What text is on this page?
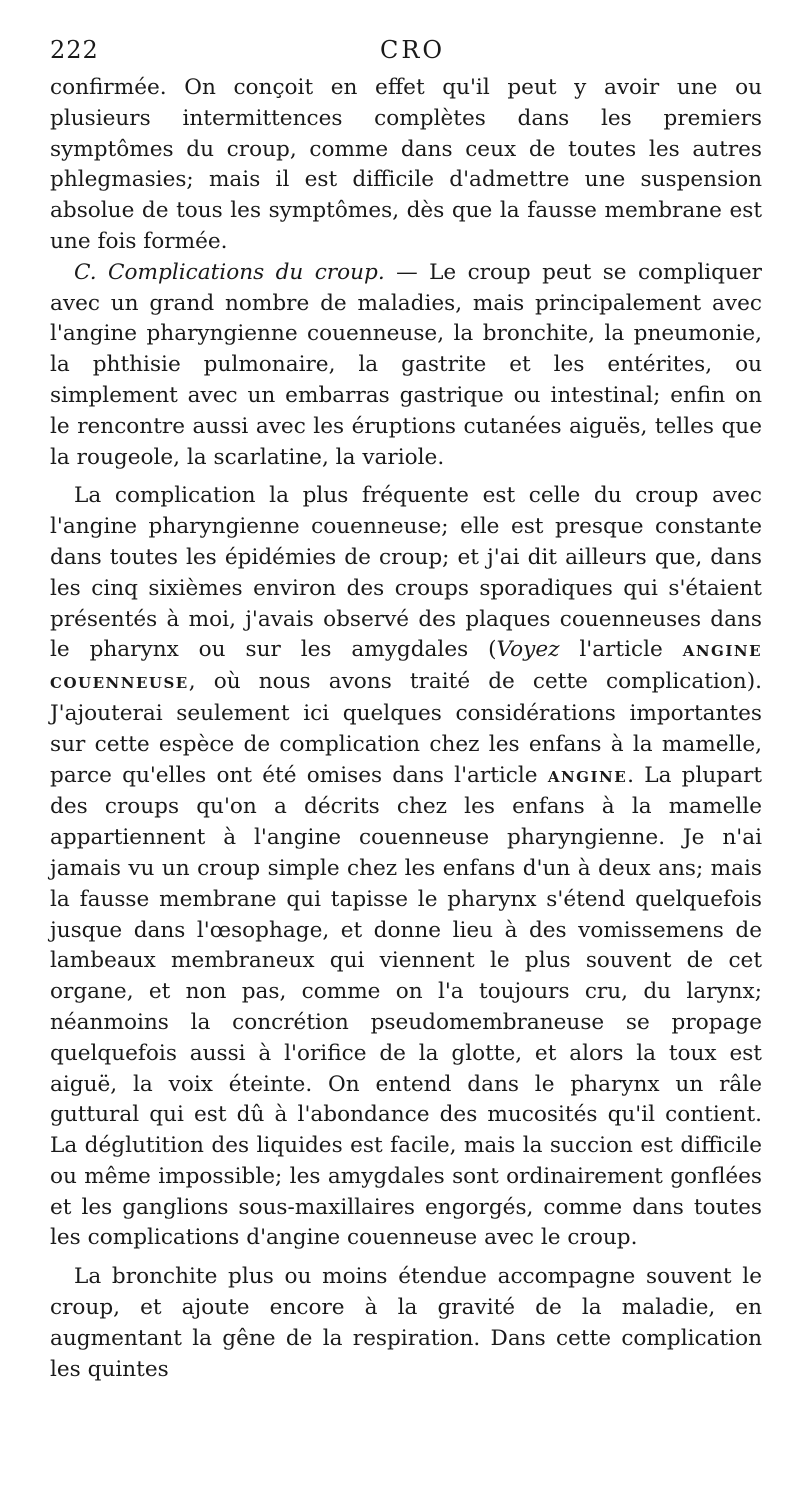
222	CRO

confirmée. On conçoit en effet qu'il peut y avoir une ou plusieurs intermittences complètes dans les premiers symptômes du croup, comme dans ceux de toutes les autres phlegmasies; mais il est difficile d'admettre une suspension absolue de tous les symptômes, dès que la fausse membrane est une fois formée.

C. Complications du croup. — Le croup peut se compliquer avec un grand nombre de maladies, mais principalement avec l'angine pharyngienne couenneuse, la bronchite, la pneumonie, la phthisie pulmonaire, la gastrite et les entérites, ou simplement avec un embarras gastrique ou intestinal; enfin on le rencontre aussi avec les éruptions cutanées aiguës, telles que la rougeole, la scarlatine, la variole.

La complication la plus fréquente est celle du croup avec l'angine pharyngienne couenneuse; elle est presque constante dans toutes les épidémies de croup; et j'ai dit ailleurs que, dans les cinq sixièmes environ des croups sporadiques qui s'étaient présentés à moi, j'avais observé des plaques couenneuses dans le pharynx ou sur les amygdales (Voyez l'article ANGINE COUENNEUSE, où nous avons traité de cette complication). J'ajouterai seulement ici quelques considérations importantes sur cette espèce de complication chez les enfans à la mamelle, parce qu'elles ont été omises dans l'article ANGINE. La plupart des croups qu'on a décrits chez les enfans à la mamelle appartiennent à l'angine couenneuse pharyngienne. Je n'ai jamais vu un croup simple chez les enfans d'un à deux ans; mais la fausse membrane qui tapisse le pharynx s'étend quelquefois jusque dans l'œsophage, et donne lieu à des vomissemens de lambeaux membraneux qui viennent le plus souvent de cet organe, et non pas, comme on l'a toujours cru, du larynx; néanmoins la concrétion pseudomembraneuse se propage quelquefois aussi à l'orifice de la glotte, et alors la toux est aiguë, la voix éteinte. On entend dans le pharynx un râle guttural qui est dû à l'abondance des mucosités qu'il contient. La déglutition des liquides est facile, mais la succion est difficile ou même impossible; les amygdales sont ordinairement gonflées et les ganglions sous-maxillaires engorgés, comme dans toutes les complications d'angine couenneuse avec le croup.

La bronchite plus ou moins étendue accompagne souvent le croup, et ajoute encore à la gravité de la maladie, en augmentant la gêne de la respiration. Dans cette complication les quintes
